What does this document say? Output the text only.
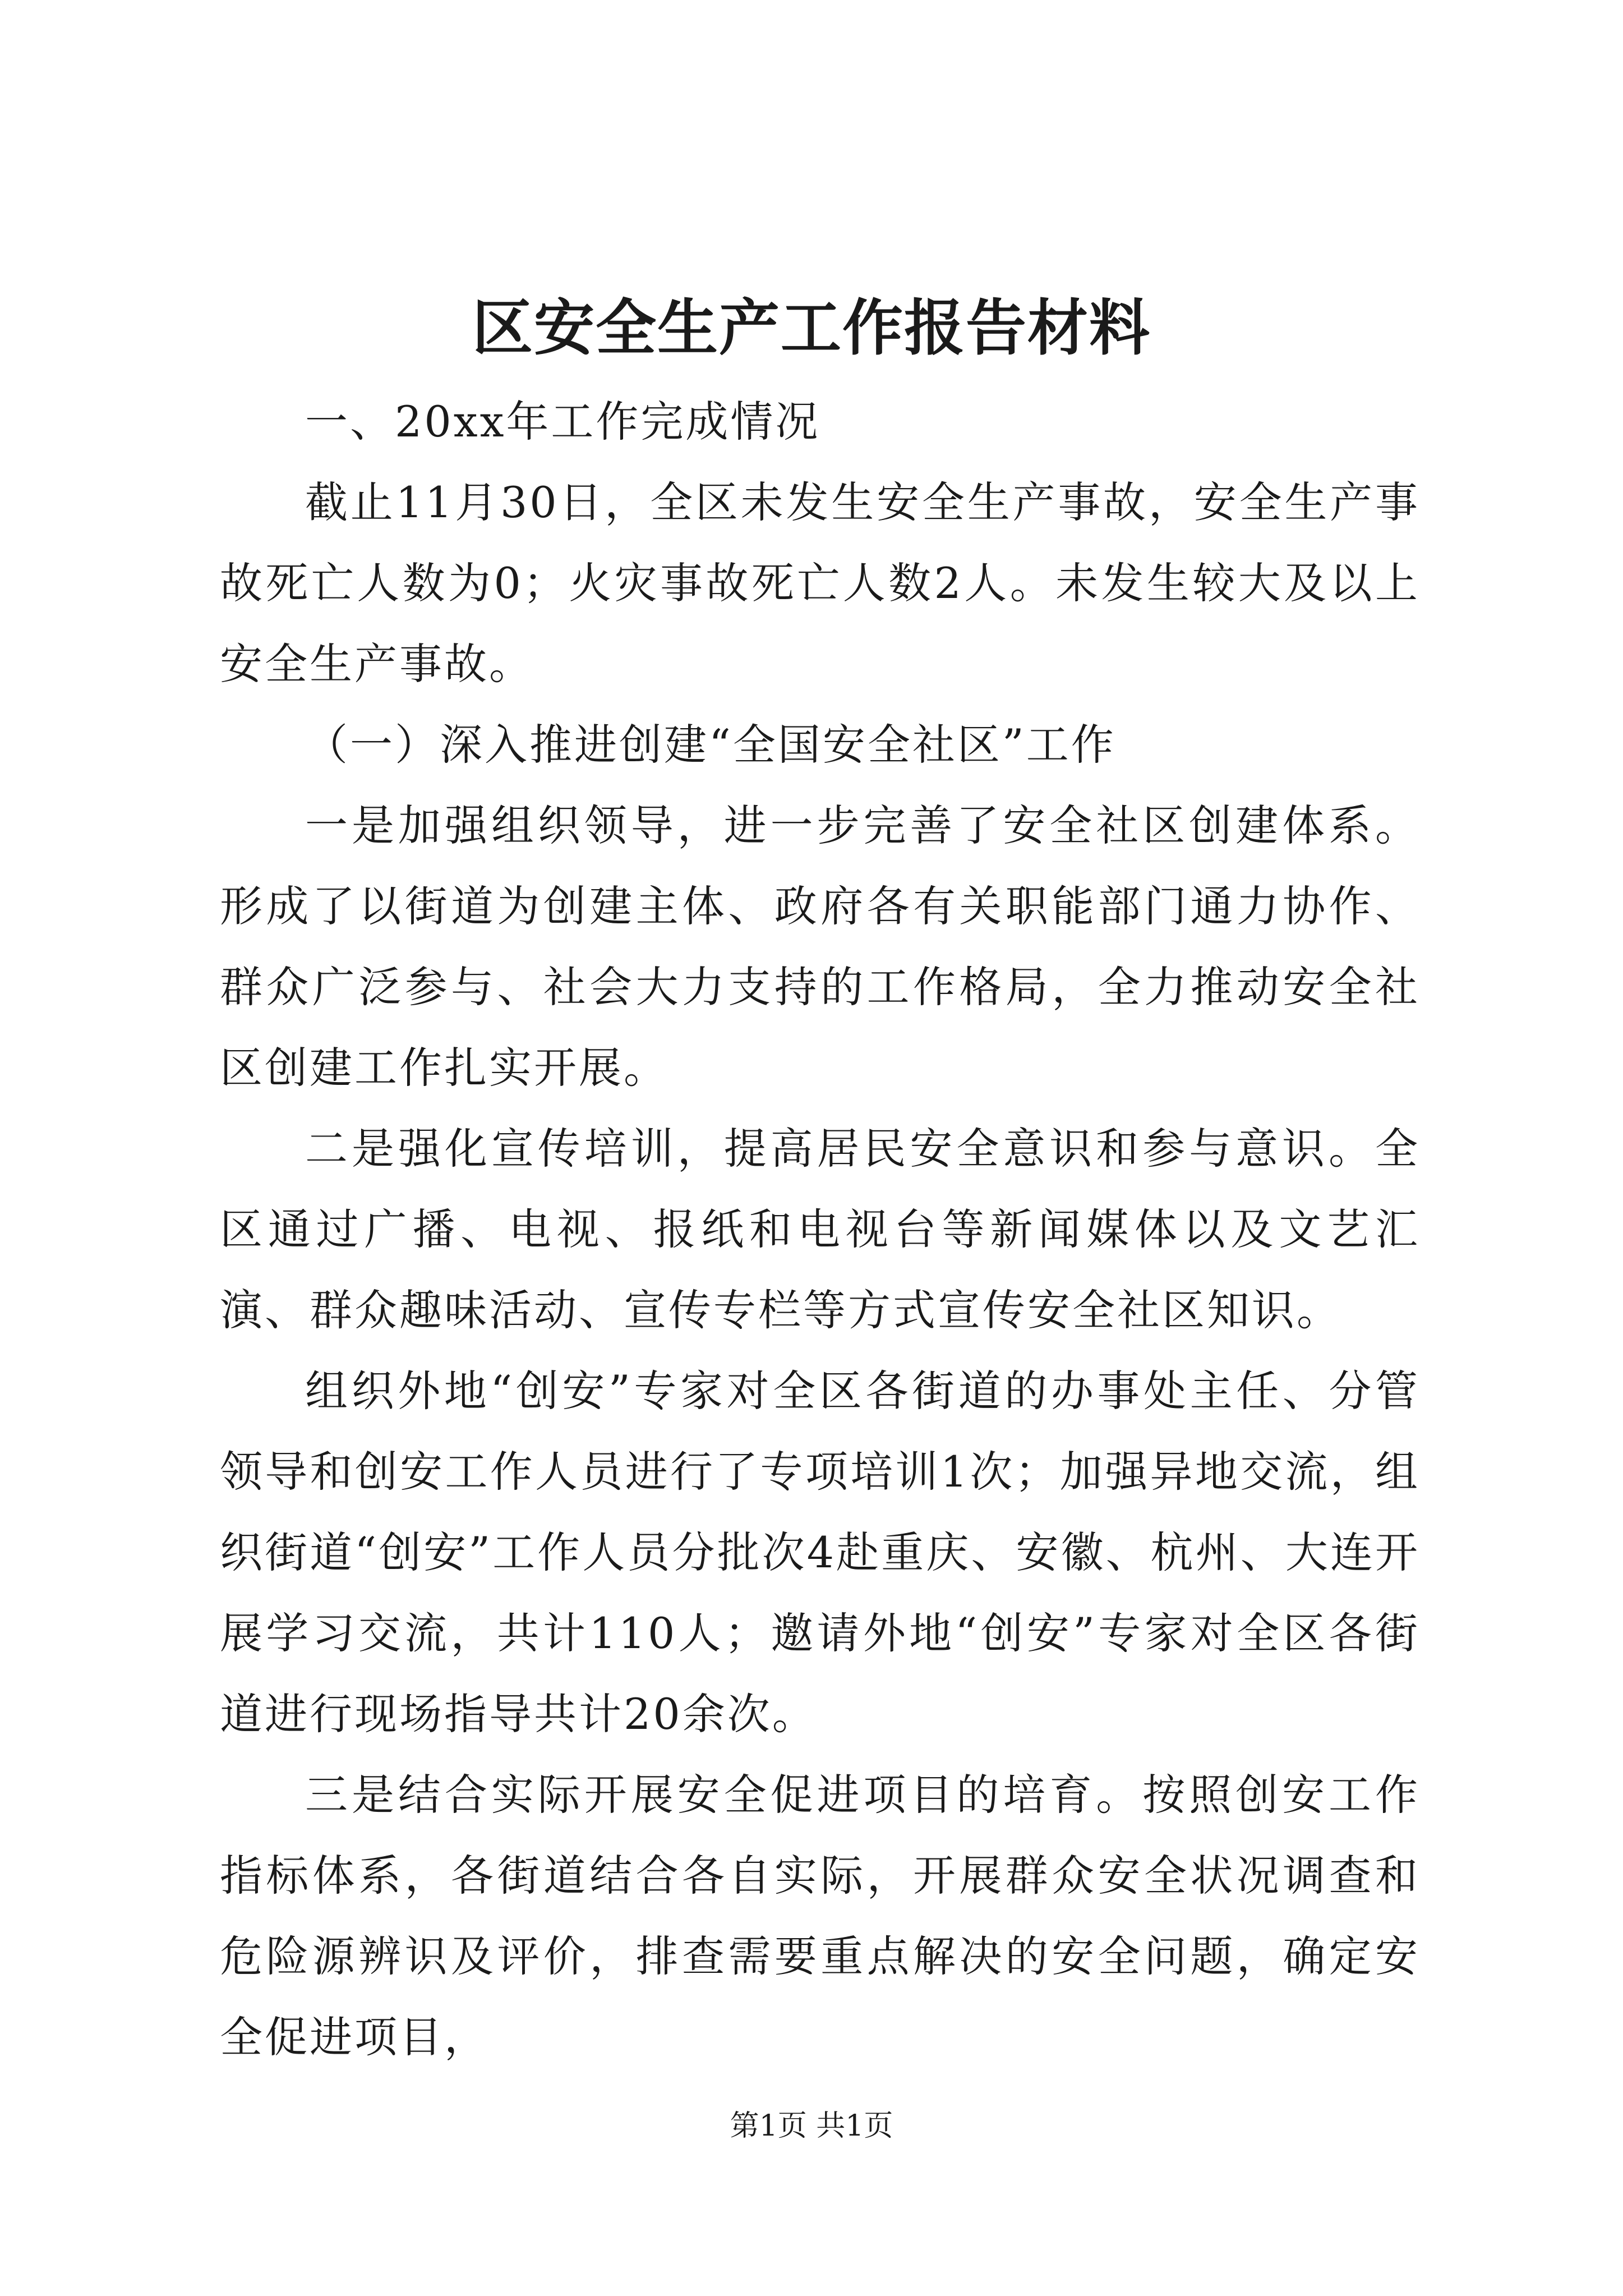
区安全生产工作报告材料

一、20xx年工作完成情况

截止11月30日，全区未发生安全生产事故，安全生产事故死亡人数为0；火灾事故死亡人数2人。未发生较大及以上安全生产事故。

（一）深入推进创建“全国安全社区”工作

一是加强组织领导，进一步完善了安全社区创建体系。形成了以街道为创建主体、政府各有关职能部门通力协作、群众广泛参与、社会大力支持的工作格局，全力推动安全社区创建工作扎实开展。

二是强化宣传培训，提高居民安全意识和参与意识。全区通过广播、电视、报纸和电视台等新闻媒体以及文艺汇演、群众趣味活动、宣传专栏等方式宣传安全社区知识。

组织外地“创安”专家对全区各街道的办事处主任、分管领导和创安工作人员进行了专项培训1次；加强异地交流，组织街道“创安”工作人员分批次4赴重庆、安徽、杭州、大连开展学习交流，共计110人；邀请外地“创安”专家对全区各街道进行现场指导共计20余次。

三是结合实际开展安全促进项目的培育。按照创安工作指标体系，各街道结合各自实际，开展群众安全状况调查和危险源辨识及评价，排查需要重点解决的安全问题，确定安全促进项目，

第1页 共1页
